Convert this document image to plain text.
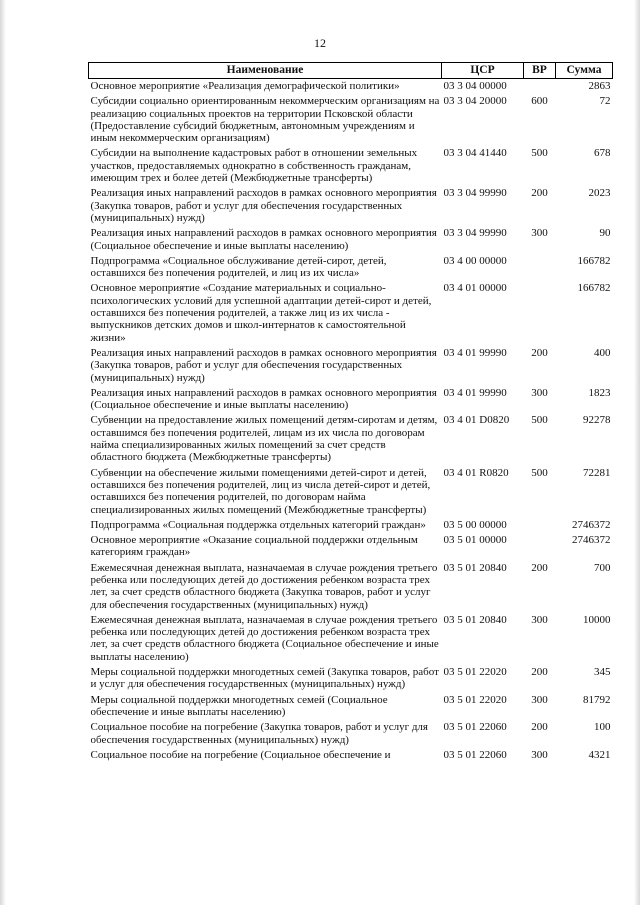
12
Наименование	ЦСР	ВР	Сумма
Основное мероприятие «Реализация демографической политики»	03 3 04 00000		2863
Субсидии социально ориентированным некоммерческим организациям на реализацию социальных проектов на территории Псковской области (Предоставление субсидий бюджетным, автономным учреждениям и иным некоммерческим организациям)	03 3 04 20000	600	72
Субсидии на выполнение кадастровых работ в отношении земельных участков, предоставляемых однократно в собственность гражданам, имеющим трех и более детей (Межбюджетные трансферты)	03 3 04 41440	500	678
Реализация иных направлений расходов в рамках основного мероприятия (Закупка товаров, работ и услуг для обеспечения государственных (муниципальных) нужд)	03 3 04 99990	200	2023
Реализация иных направлений расходов в рамках основного мероприятия (Социальное обеспечение и иные выплаты населению)	03 3 04 99990	300	90
Подпрограмма «Социальное обслуживание детей-сирот, детей, оставшихся без попечения родителей, и лиц из их числа»	03 4 00 00000		166782
Основное мероприятие «Создание материальных и социально-психологических условий для успешной адаптации детей-сирот и детей, оставшихся без попечения родителей, а также лиц из их числа - выпускников детских домов и школ-интернатов к самостоятельной жизни»	03 4 01 00000		166782
Реализация иных направлений расходов в рамках основного мероприятия (Закупка товаров, работ и услуг для обеспечения государственных (муниципальных) нужд)	03 4 01 99990	200	400
Реализация иных направлений расходов в рамках основного мероприятия (Социальное обеспечение и иные выплаты населению)	03 4 01 99990	300	1823
Субвенции на предоставление жилых помещений детям-сиротам и детям, оставшимся без попечения родителей, лицам из их числа по договорам найма специализированных жилых помещений за счет средств областного бюджета (Межбюджетные трансферты)	03 4 01 D0820	500	92278
Субвенции на обеспечение жилыми помещениями детей-сирот и детей, оставшихся без попечения родителей, лиц из числа детей-сирот и детей, оставшихся без попечения родителей, по договорам найма специализированных жилых помещений (Межбюджетные трансферты)	03 4 01 R0820	500	72281
Подпрограмма «Социальная поддержка отдельных категорий граждан»	03 5 00 00000		2746372
Основное мероприятие «Оказание социальной поддержки отдельным категориям граждан»	03 5 01 00000		2746372
Ежемесячная денежная выплата, назначаемая в случае рождения третьего ребенка или последующих детей до достижения ребенком возраста трех лет, за счет средств областного бюджета (Закупка товаров, работ и услуг для обеспечения государственных (муниципальных) нужд)	03 5 01 20840	200	700
Ежемесячная денежная выплата, назначаемая в случае рождения третьего ребенка или последующих детей до достижения ребенком возраста трех лет, за счет средств областного бюджета (Социальное обеспечение и иные выплаты населению)	03 5 01 20840	300	10000
Меры социальной поддержки многодетных семей (Закупка товаров, работ и услуг для обеспечения государственных (муниципальных) нужд)	03 5 01 22020	200	345
Меры социальной поддержки многодетных семей (Социальное обеспечение и иные выплаты населению)	03 5 01 22020	300	81792
Социальное пособие на погребение (Закупка товаров, работ и услуг для обеспечения государственных (муниципальных) нужд)	03 5 01 22060	200	100
Социальное пособие на погребение (Социальное обеспечение и	03 5 01 22060	300	4321
